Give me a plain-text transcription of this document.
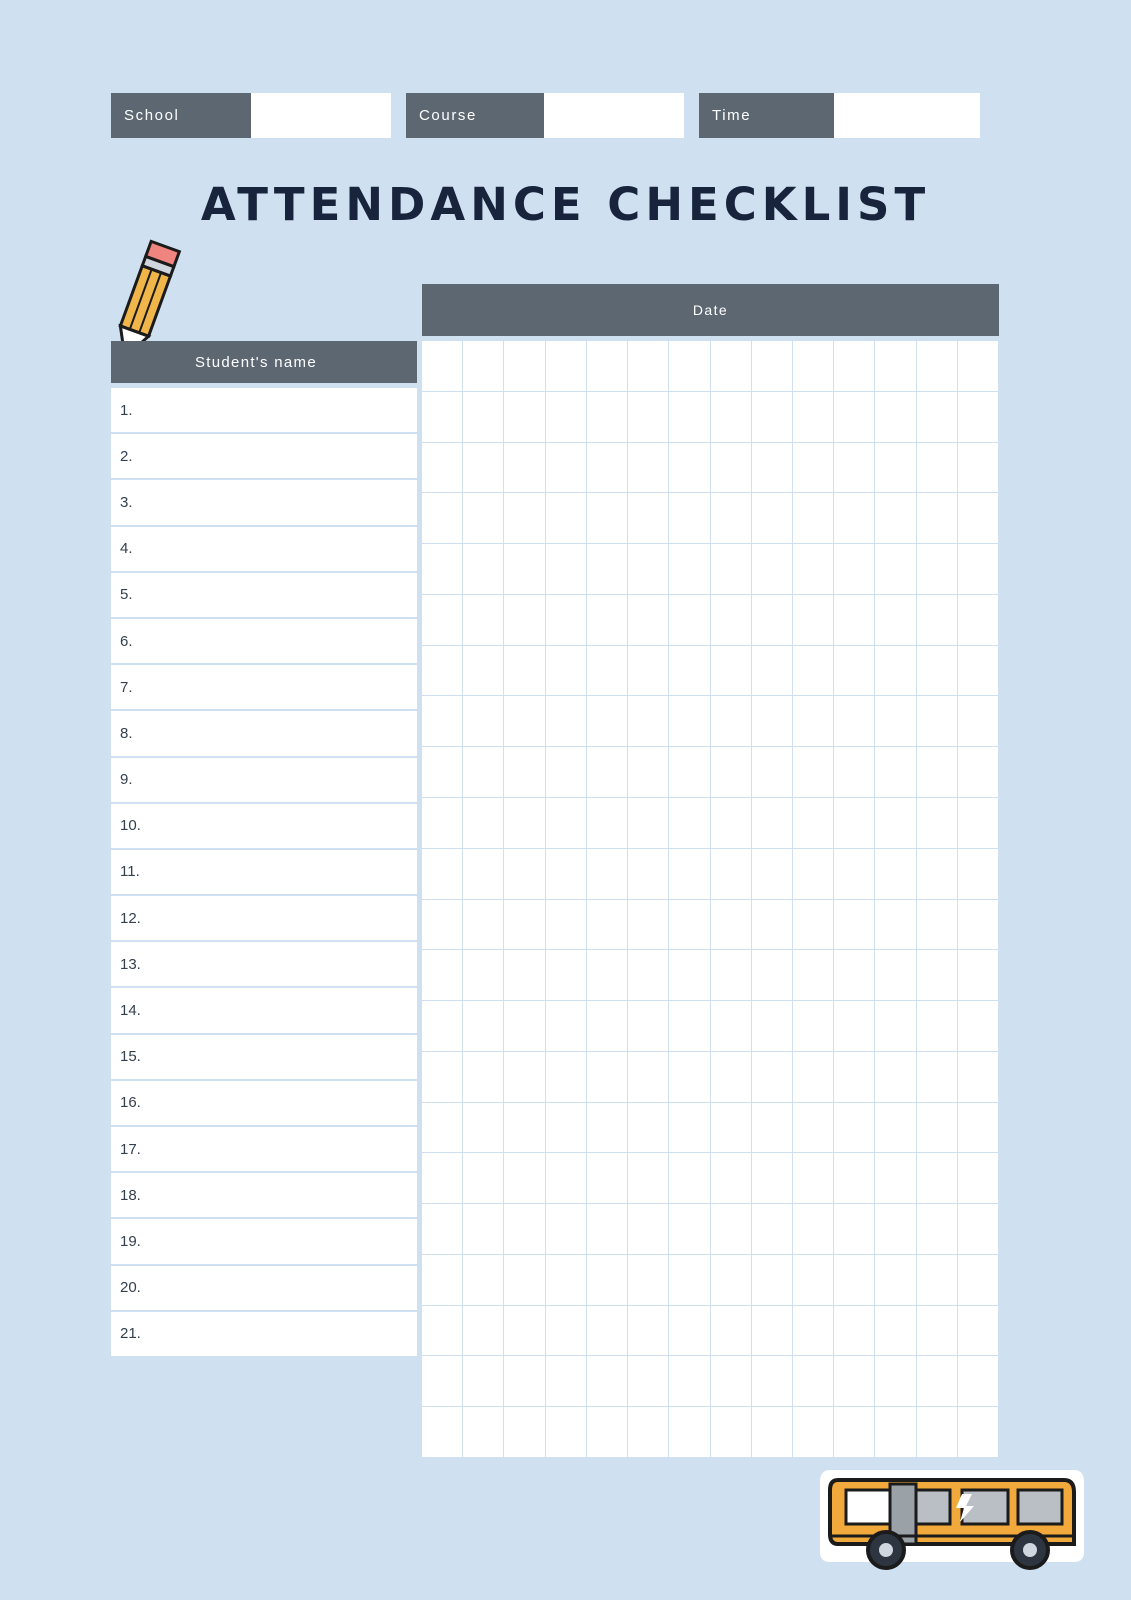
School	Course	Time
ATTENDANCE CHECKLIST
Date
Student's name
1.
2.
3.
4.
5.
6.
7.
8.
9.
10.
11.
12.
13.
14.
15.
16.
17.
18.
19.
20.
21.
